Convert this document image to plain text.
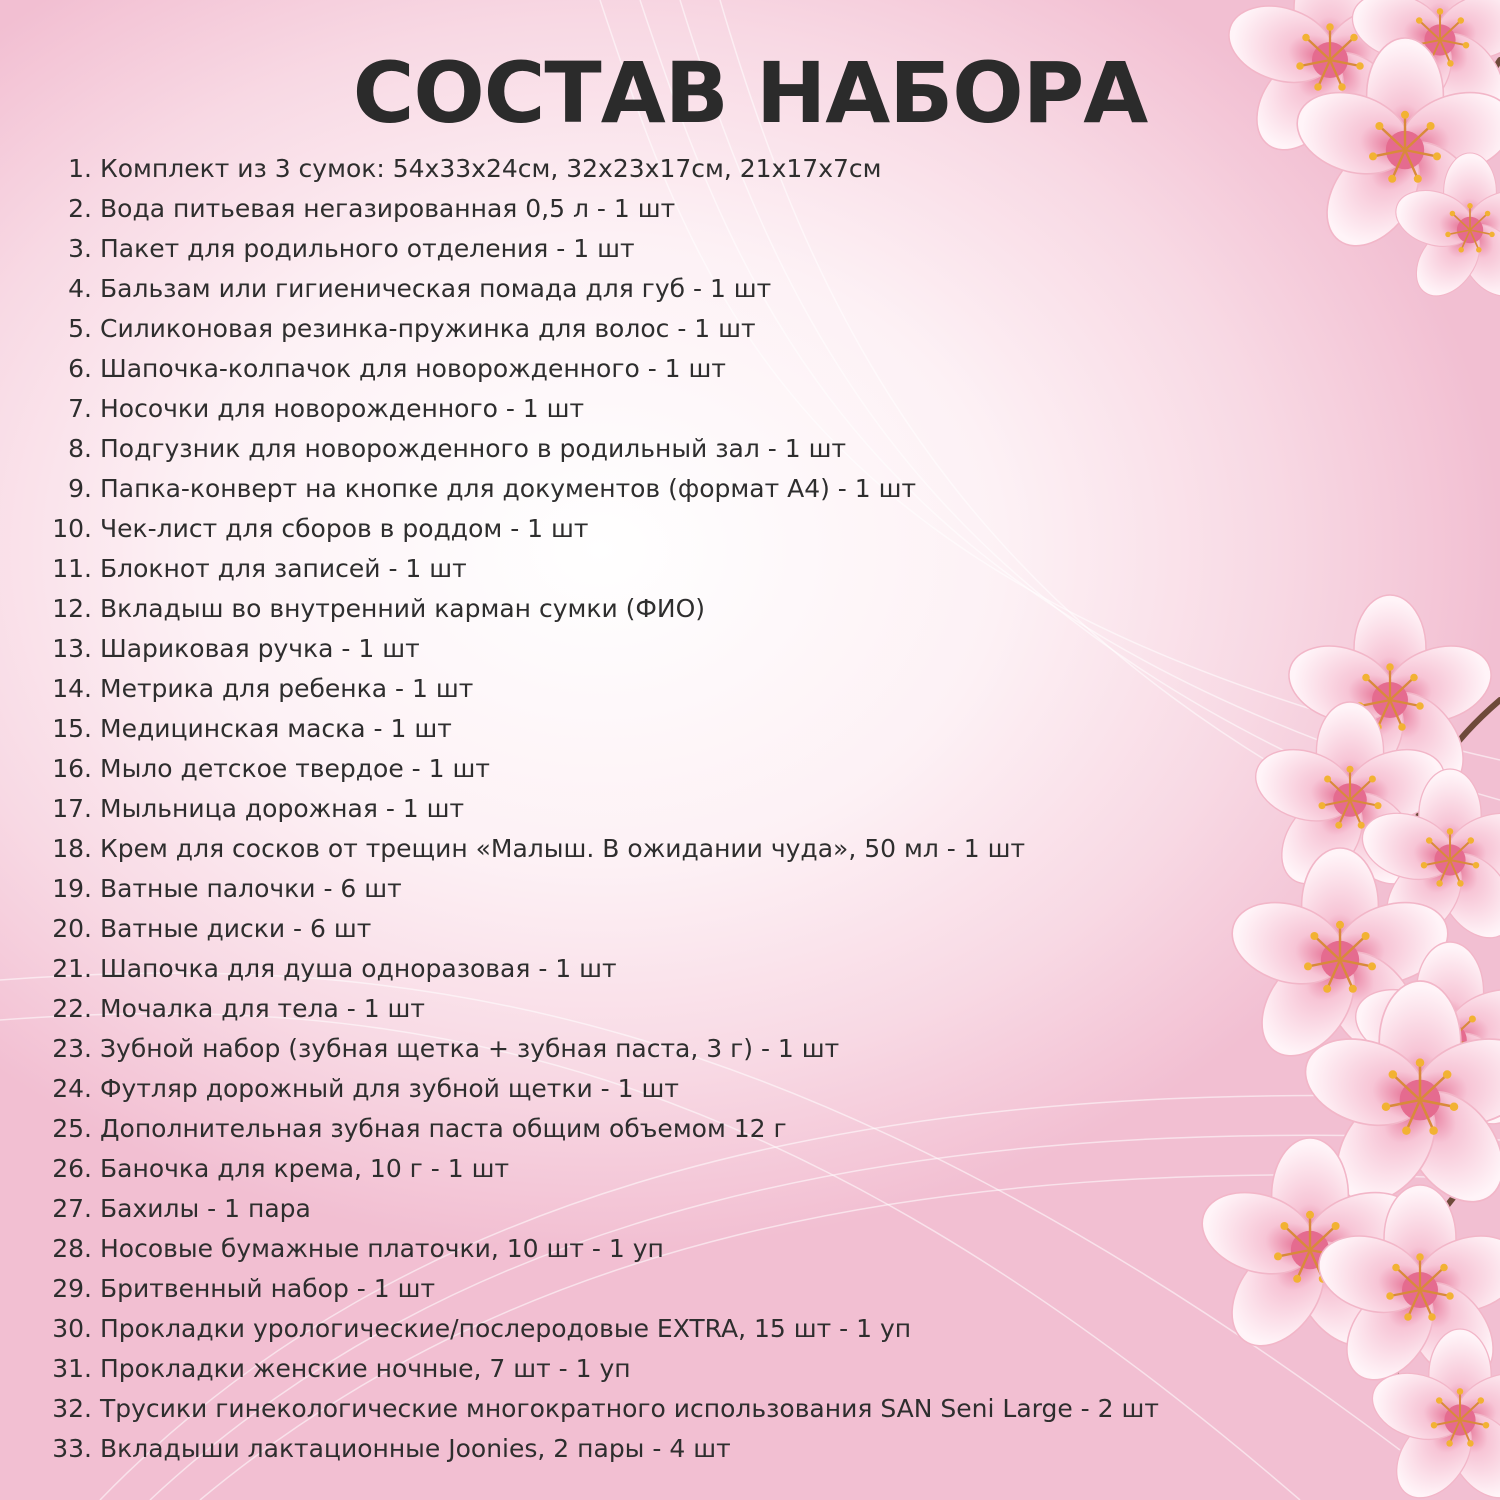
СОСТАВ НАБОРА
1. Комплект из 3 сумок: 54x33x24см, 32x23x17см, 21x17x7см
2. Вода питьевая негазированная 0,5 л - 1 шт
3. Пакет для родильного отделения - 1 шт
4. Бальзам или гигиеническая помада для губ - 1 шт
5. Силиконовая резинка-пружинка для волос - 1 шт
6. Шапочка-колпачок для новорожденного - 1 шт
7. Носочки для новорожденного - 1 шт
8. Подгузник для новорожденного в родильный зал - 1 шт
9. Папка-конверт на кнопке для документов (формат А4) - 1 шт
10. Чек-лист для сборов в роддом - 1 шт
11. Блокнот для записей - 1 шт
12. Вкладыш во внутренний карман сумки (ФИО)
13. Шариковая ручка - 1 шт
14. Метрика для ребенка - 1 шт
15. Медицинская маска - 1 шт
16. Мыло детское твердое - 1 шт
17. Мыльница дорожная - 1 шт
18. Крем для сосков от трещин «Малыш. В ожидании чуда», 50 мл - 1 шт
19. Ватные палочки - 6 шт
20. Ватные диски - 6 шт
21. Шапочка для душа одноразовая - 1 шт
22. Мочалка для тела - 1 шт
23. Зубной набор (зубная щетка + зубная паста, 3 г) - 1 шт
24. Футляр дорожный для зубной щетки - 1 шт
25. Дополнительная зубная паста общим объемом 12 г
26. Баночка для крема, 10 г - 1 шт
27. Бахилы - 1 пара
28. Носовые бумажные платочки, 10 шт - 1 уп
29. Бритвенный набор - 1 шт
30. Прокладки урологические/послеродовые EXTRA, 15 шт - 1 уп
31. Прокладки женские ночные, 7 шт - 1 уп
32. Трусики гинекологические многократного использования SAN Seni Large - 2 шт
33. Вкладыши лактационные Joonies, 2 пары - 4 шт
